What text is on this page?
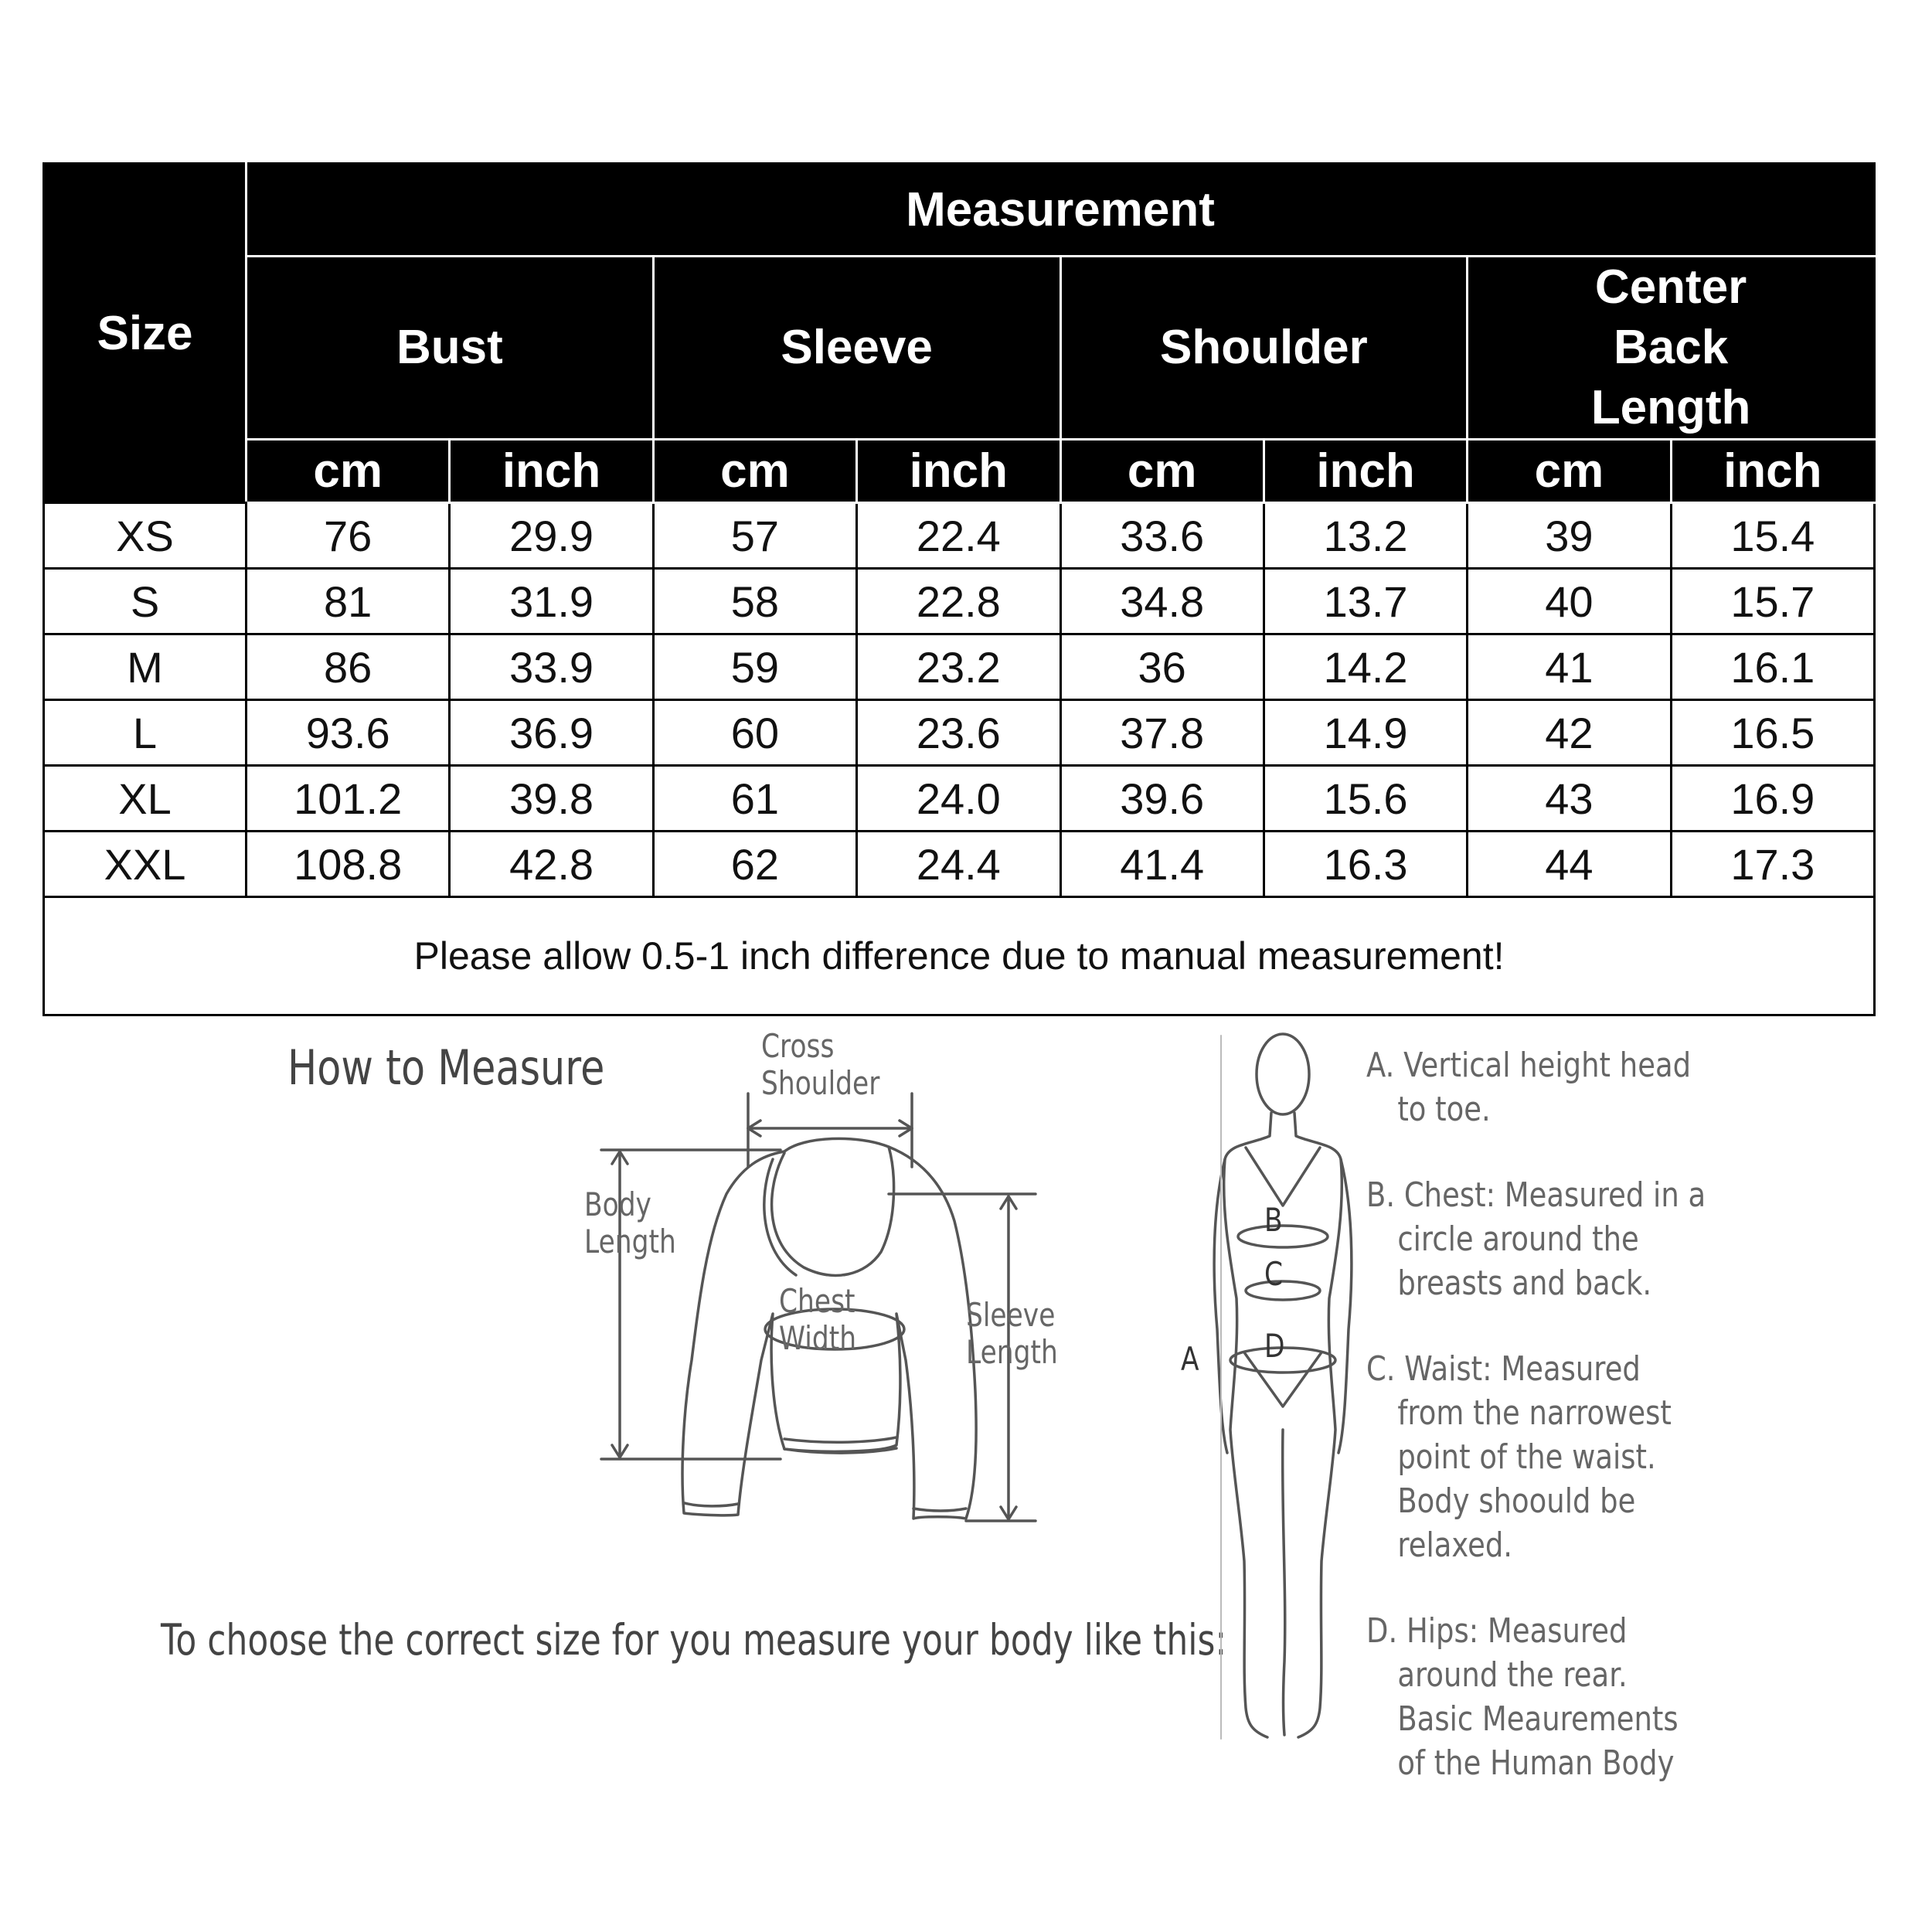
Size	Measurement							
	Bust		Sleeve		Shoulder		Center Back Length	

	cm	inch	cm	inch	cm	inch	cm	inch
XS	76	29.9	57	22.4	33.6	13.2	39	15.4
S	81	31.9	58	22.8	34.8	13.7	40	15.7
M	86	33.9	59	23.2	36	14.2	41	16.1
L	93.6	36.9	60	23.6	37.8	14.9	42	16.5
XL	101.2	39.8	61	24.0	39.6	15.6	43	16.9
XXL	108.8	42.8	62	24.4	41.4	16.3	44	17.3
Please allow 0.5-1 inch difference due to manual measurement!								
How to Measure
To choose the correct size for you measure your body like this:
Cross
Shoulder
Body
Length
Chest
Width
Sleeve
Length	A
B
C
D
A. Vertical height head
to toe.
B. Chest: Measured in a
circle around the
breasts and back.
C. Waist: Measured
from the narrowest
point of the waist.
Body shoould be
relaxed.
D. Hips: Measured
around the rear.
Basic Meaurements
of the Human Body
